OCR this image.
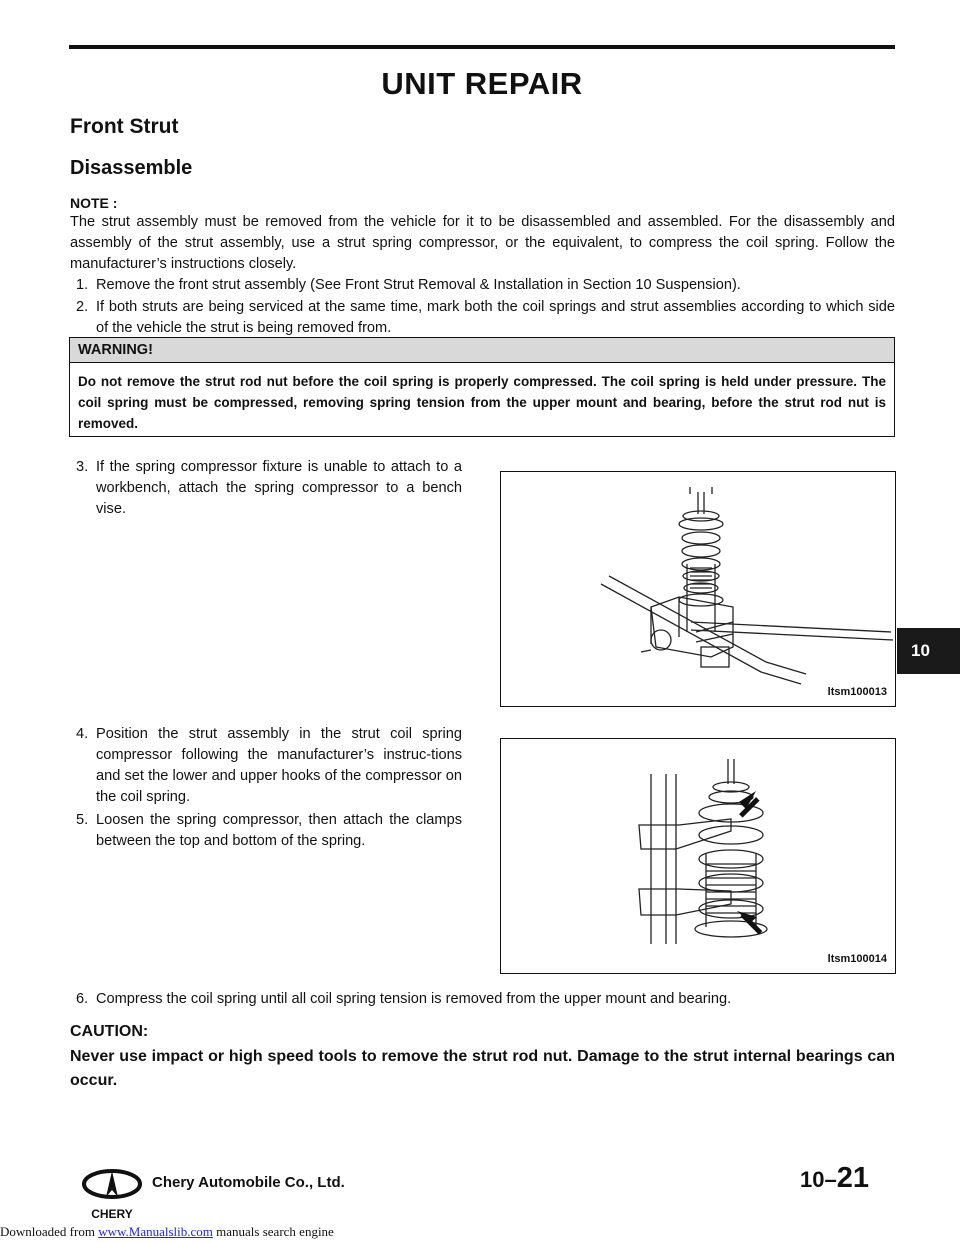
UNIT REPAIR
Front Strut
Disassemble
NOTE :
The strut assembly must be removed from the vehicle for it to be disassembled and assembled. For the disassembly and assembly of the strut assembly, use a strut spring compressor, or the equivalent, to compress the coil spring. Follow the manufacturer’s instructions closely.
1. Remove the front strut assembly (See Front Strut Removal & Installation in Section 10 Suspension).
2. If both struts are being serviced at the same time, mark both the coil springs and strut assemblies according to which side of the vehicle the strut is being removed from.
WARNING!
Do not remove the strut rod nut before the coil spring is properly compressed. The coil spring is held under pressure. The coil spring must be compressed, removing spring tension from the upper mount and bearing, before the strut rod nut is removed.
3. If the spring compressor fixture is unable to attach to a workbench, attach the spring compressor to a bench vise.
ltsm100013
4. Position the strut assembly in the strut coil spring compressor following the manufacturer’s instruc-tions and set the lower and upper hooks of the compressor on the coil spring.
5. Loosen the spring compressor, then attach the clamps between the top and bottom of the spring.
ltsm100014
6. Compress the coil spring until all coil spring tension is removed from the upper mount and bearing.
CAUTION:
Never use impact or high speed tools to remove the strut rod nut. Damage to the strut internal bearings can occur.
10
CHERY
Chery Automobile Co., Ltd.	10–21
Downloaded from www.Manualslib.com manuals search engine
